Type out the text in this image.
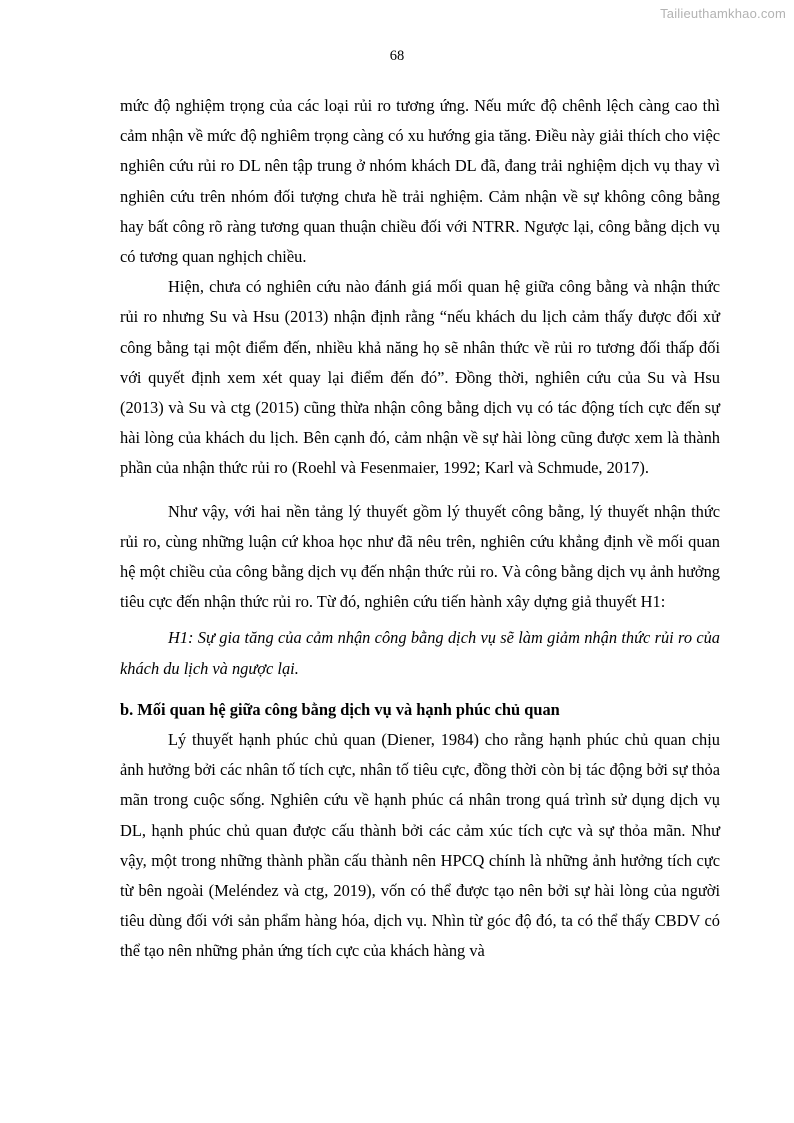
Tailieuthamkhao.com
68

mức độ nghiệm trọng của các loại rủi ro tương ứng. Nếu mức độ chênh lệch càng cao thì cảm nhận về mức độ nghiêm trọng càng có xu hướng gia tăng. Điều này giải thích cho việc nghiên cứu rủi ro DL nên tập trung ở nhóm khách DL đã, đang trải nghiệm dịch vụ thay vì nghiên cứu trên nhóm đối tượng chưa hề trải nghiệm. Cảm nhận về sự không công bằng hay bất công rõ ràng tương quan thuận chiều đối với NTRR. Ngược lại, công bằng dịch vụ có tương quan nghịch chiều.

Hiện, chưa có nghiên cứu nào đánh giá mối quan hệ giữa công bằng và nhận thức rủi ro nhưng Su và Hsu (2013) nhận định rằng “nếu khách du lịch cảm thấy được đối xử công bằng tại một điểm đến, nhiều khả năng họ sẽ nhân thức về rủi ro tương đối thấp đối với quyết định xem xét quay lại điểm đến đó”. Đồng thời, nghiên cứu của Su và Hsu (2013) và Su và ctg (2015) cũng thừa nhận công bằng dịch vụ có tác động tích cực đến sự hài lòng của khách du lịch. Bên cạnh đó, cảm nhận về sự hài lòng cũng được xem là thành phần của nhận thức rủi ro (Roehl và Fesenmaier, 1992; Karl và Schmude, 2017).

Như vậy, với hai nền tảng lý thuyết gồm lý thuyết công bằng, lý thuyết nhận thức rủi ro, cùng những luận cứ khoa học như đã nêu trên, nghiên cứu khẳng định về mối quan hệ một chiều của công bằng dịch vụ đến nhận thức rủi ro. Và công bằng dịch vụ ảnh hưởng tiêu cực đến nhận thức rủi ro. Từ đó, nghiên cứu tiến hành xây dựng giả thuyết H1:

H1: Sự gia tăng của cảm nhận công bằng dịch vụ sẽ làm giảm nhận thức rủi ro của khách du lịch và ngược lại.

b. Mối quan hệ giữa công bằng dịch vụ và hạnh phúc chủ quan

Lý thuyết hạnh phúc chủ quan (Diener, 1984) cho rằng hạnh phúc chủ quan chịu ảnh hưởng bởi các nhân tố tích cực, nhân tố tiêu cực, đồng thời còn bị tác động bởi sự thỏa mãn trong cuộc sống. Nghiên cứu về hạnh phúc cá nhân trong quá trình sử dụng dịch vụ DL, hạnh phúc chủ quan được cấu thành bởi các cảm xúc tích cực và sự thỏa mãn. Như vậy, một trong những thành phần cấu thành nên HPCQ chính là những ảnh hưởng tích cực từ bên ngoài (Meléndez và ctg, 2019), vốn có thể được tạo nên bởi sự hài lòng của người tiêu dùng đối với sản phẩm hàng hóa, dịch vụ. Nhìn từ góc độ đó, ta có thể thấy CBDV có thể tạo nên những phản ứng tích cực của khách hàng và
